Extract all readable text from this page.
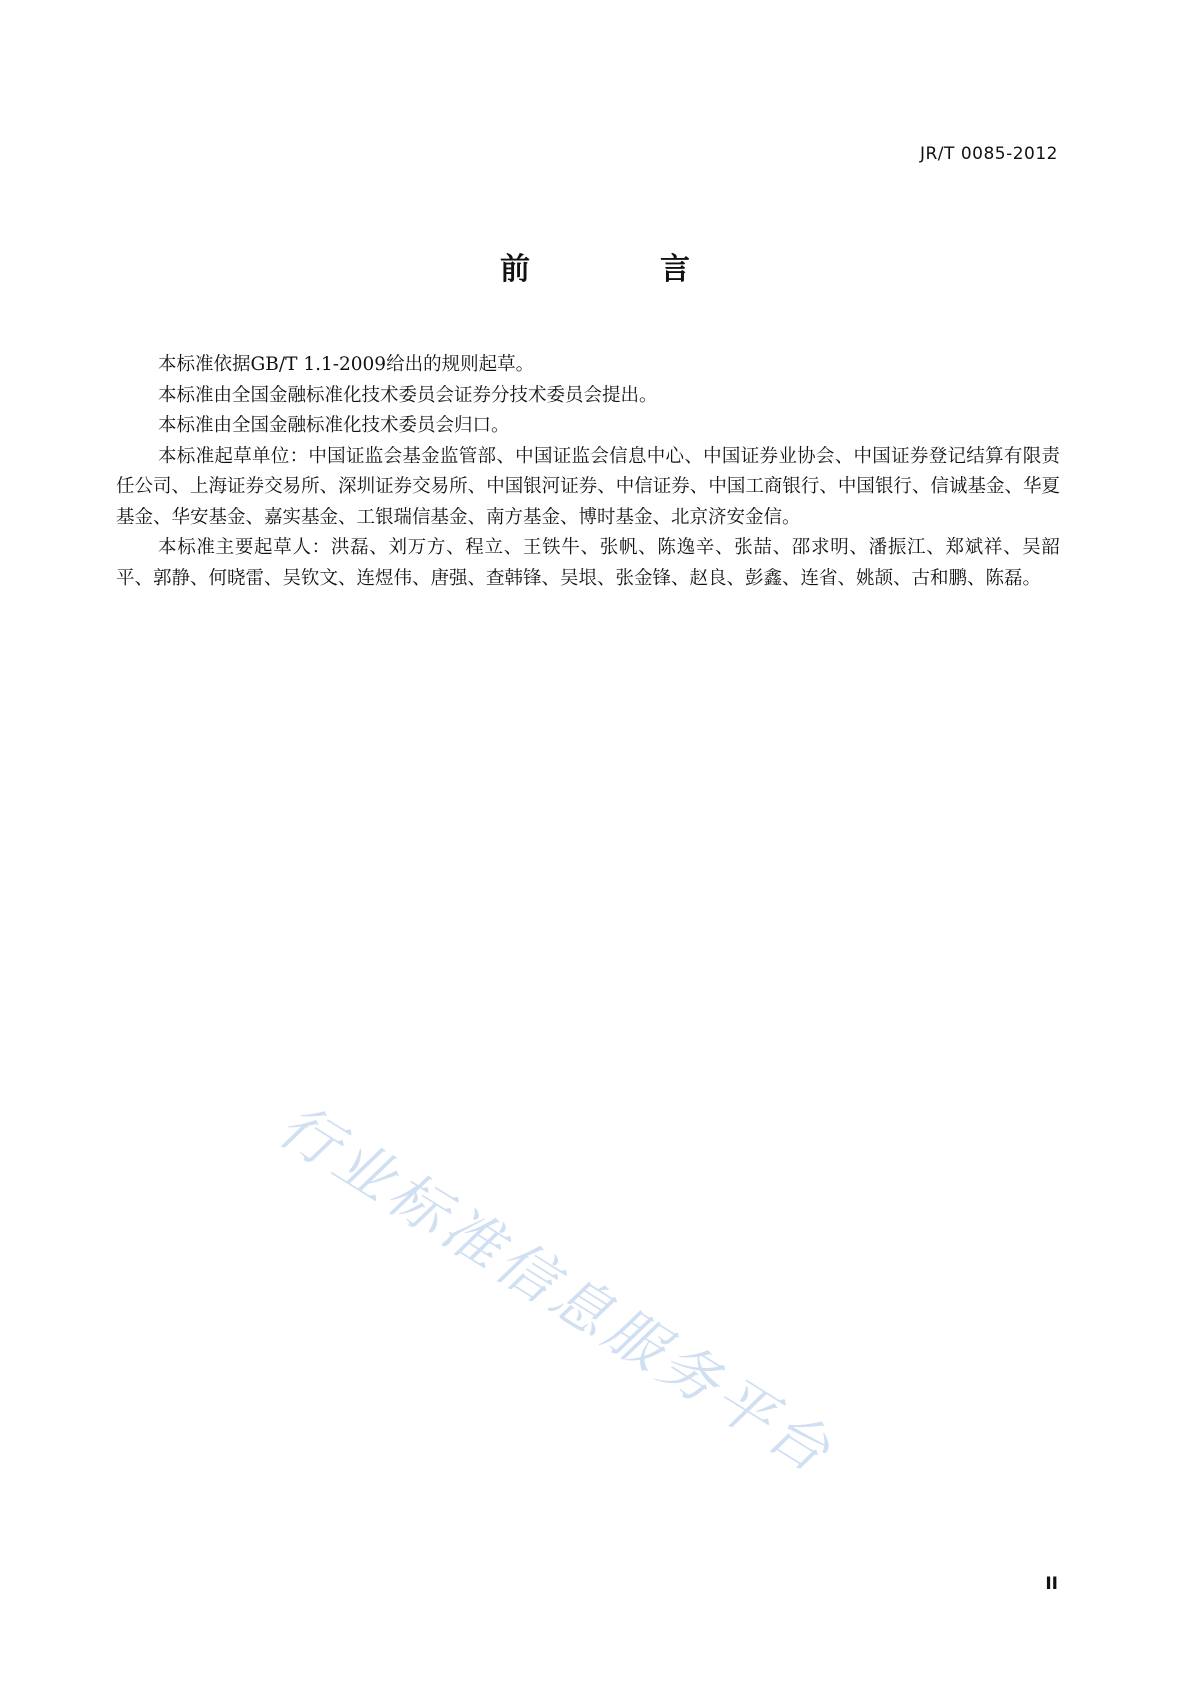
JR/T 0085-2012
前	言

本标准依据GB/T 1.1-2009给出的规则起草。

本标准由全国金融标准化技术委员会证券分技术委员会提出。

本标准由全国金融标准化技术委员会归口。

本标准起草单位：中国证监会基金监管部、中国证监会信息中心、中国证券业协会、中国证券登记结算有限责任公司、上海证券交易所、深圳证券交易所、中国银河证券、中信证券、中国工商银行、中国银行、信诚基金、华夏基金、华安基金、嘉实基金、工银瑞信基金、南方基金、博时基金、北京济安金信。

本标准主要起草人：洪磊、刘万方、程立、王铁牛、张帆、陈逸辛、张喆、邵求明、潘振江、郑斌祥、吴韶平、郭静、何晓雷、吴钦文、连煜伟、唐强、查韩锋、吴垠、张金锋、赵良、彭鑫、连省、姚颉、古和鹏、陈磊。

行业标准信息服务平台
II
